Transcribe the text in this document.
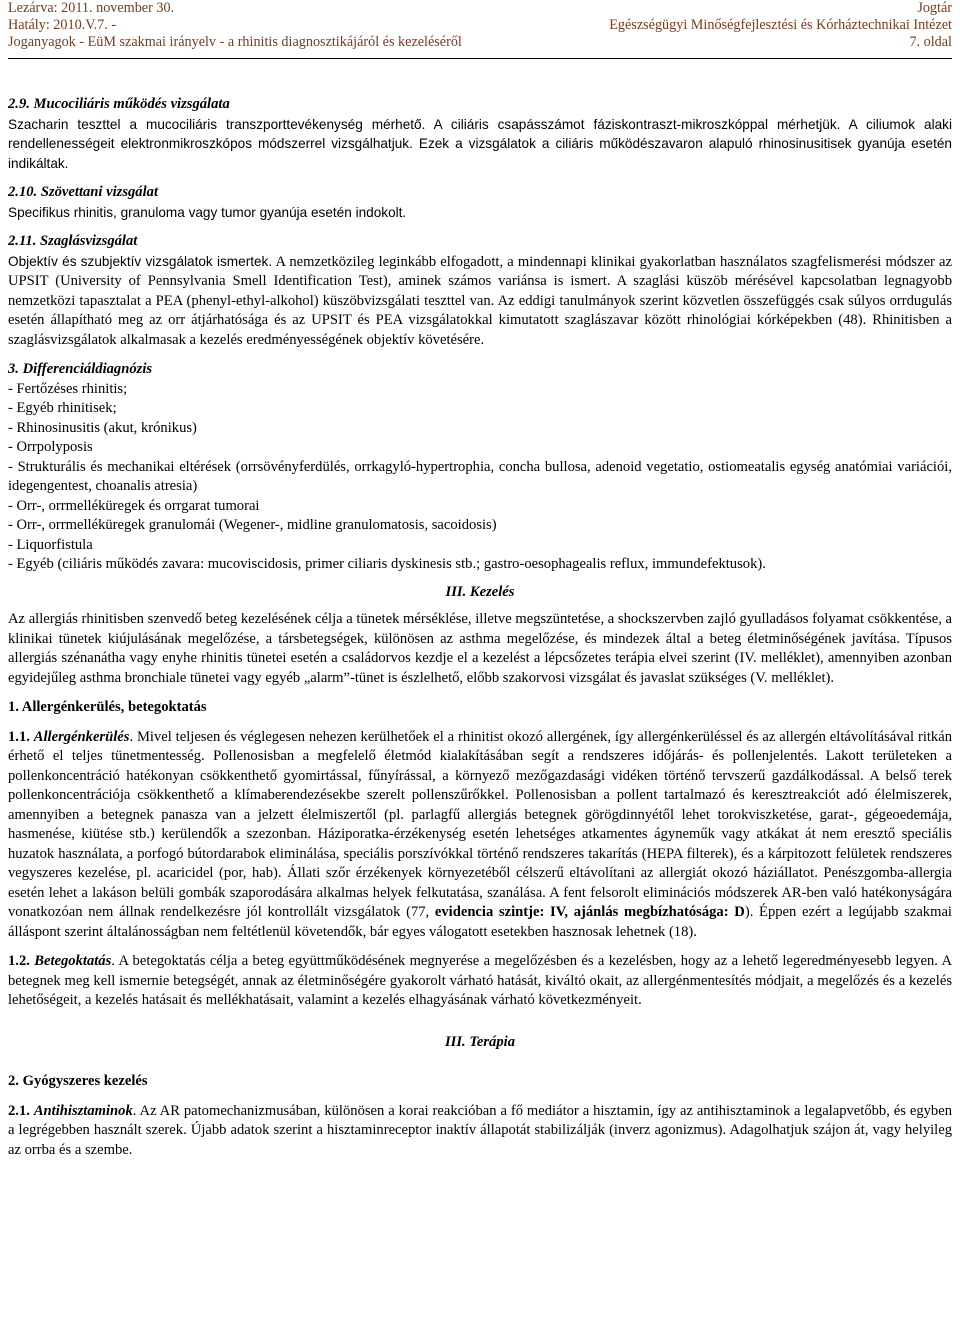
Lezárva: 2011. november 30.	Jogtár
Hatály: 2010.V.7. -	Egészségügyi Minőségfejlesztési és Kórháztechnikai Intézet
Joganyagok - EüM szakmai irányelv - a rhinitis diagnosztikájáról és kezeléséről	7. oldal
2.9. Mucociliáris működés vizsgálata

Szacharin teszttel a mucociliáris transzporttevékenység mérhető. A ciliáris csapásszámot fáziskontraszt-mikroszkóppal mérhetjük. A ciliumok alaki rendellenességeit elektronmikroszkópos módszerrel vizsgálhatjuk. Ezek a vizsgálatok a ciliáris működészavaron alapuló rhinosinusitisek gyanúja esetén indikáltak.

2.10. Szövettani vizsgálat

Specifikus rhinitis, granuloma vagy tumor gyanúja esetén indokolt.

2.11. Szaglásvizsgálat

Objektív és szubjektív vizsgálatok ismertek. A nemzetközileg leginkább elfogadott, a mindennapi klinikai gyakorlatban használatos szagfelismerési módszer az UPSIT (University of Pennsylvania Smell Identification Test), aminek számos variánsa is ismert. A szaglási küszöb mérésével kapcsolatban legnagyobb nemzetközi tapasztalat a PEA (phenyl-ethyl-alkohol) küszöbvizsgálati teszttel van. Az eddigi tanulmányok szerint közvetlen összefüggés csak súlyos orrdugulás esetén állapítható meg az orr átjárhatósága és az UPSIT és PEA vizsgálatokkal kimutatott szaglászavar között rhinológiai kórképekben (48). Rhinitisben a szaglásvizsgálatok alkalmasak a kezelés eredményességének objektív követésére.

3. Differenciáldiagnózis
- Fertőzéses rhinitis;
- Egyéb rhinitisek;
- Rhinosinusitis (akut, krónikus)
- Orrpolyposis
- Strukturális és mechanikai eltérések (orrsövényferdülés, orrkagyló-hypertrophia, concha bullosa, adenoid vegetatio, ostiomeatalis egység anatómiai variációi, idegengentest, choanalis atresia)
- Orr-, orrmelléküregek és orrgarat tumorai
- Orr-, orrmelléküregek granulomái (Wegener-, midline granulomatosis, sacoidosis)
- Liquorfistula
- Egyéb (ciliáris működés zavara: mucoviscidosis, primer ciliaris dyskinesis stb.; gastro-oesophagealis reflux, immundefektusok).
III. Kezelés

Az allergiás rhinitisben szenvedő beteg kezelésének célja a tünetek mérséklése, illetve megszüntetése, a shockszervben zajló gyulladásos folyamat csökkentése, a klinikai tünetek kiújulásának megelőzése, a társbetegségek, különösen az asthma megelőzése, és mindezek által a beteg életminőségének javítása. Típusos allergiás szénanátha vagy enyhe rhinitis tünetei esetén a családorvos kezdje el a kezelést a lépcsőzetes terápia elvei szerint (IV. melléklet), amennyiben azonban egyidejűleg asthma bronchiale tünetei vagy egyéb „alarm”-tünet is észlelhető, előbb szakorvosi vizsgálat és javaslat szükséges (V. melléklet).

1. Allergénkerülés, betegoktatás

1.1. Allergénkerülés. Mivel teljesen és véglegesen nehezen kerülhetőek el a rhinitist okozó allergének, így allergénkerüléssel és az allergén eltávolításával ritkán érhető el teljes tünetmentesség. Pollenosisban a megfelelő életmód kialakításában segít a rendszeres időjárás- és pollenjelentés. Lakott területeken a pollenkoncentráció hatékonyan csökkenthető gyomirtással, fűnyírással, a környező mezőgazdasági vidéken történő tervszerű gazdálkodással. A belső terek pollenkoncentrációja csökkenthető a klímaberendezésekbe szerelt pollenszűrőkkel. Pollenosisban a pollent tartalmazó és keresztreakciót adó élelmiszerek, amennyiben a betegnek panasza van a jelzett élelmiszertől (pl. parlagfű allergiás betegnek görögdinnyétől lehet torokviszketése, garat-, gégeoedemája, hasmenése, kiütése stb.) kerülendők a szezonban. Háziporatka-érzékenység esetén lehetséges atkamentes ágyneműk vagy atkákat át nem eresztő speciális huzatok használata, a porfogó bútordarabok eliminálása, speciális porszívókkal történő rendszeres takarítás (HEPA filterek), és a kárpitozott felületek rendszeres vegyszeres kezelése, pl. acaricidel (por, hab). Állati szőr érzékenyek környezetéből célszerű eltávolítani az allergiát okozó háziállatot. Penészgomba-allergia esetén lehet a lakáson belüli gombák szaporodására alkalmas helyek felkutatása, szanálása. A fent felsorolt eliminációs módszerek AR-ben való hatékonyságára vonatkozóan nem állnak rendelkezésre jól kontrollált vizsgálatok (77, evidencia szintje: IV, ajánlás megbízhatósága: D). Éppen ezért a legújabb szakmai álláspont szerint általánosságban nem feltétlenül követendők, bár egyes válogatott esetekben hasznosak lehetnek (18).

1.2. Betegoktatás. A betegoktatás célja a beteg együttműködésének megnyerése a megelőzésben és a kezelésben, hogy az a lehető legeredményesebb legyen. A betegnek meg kell ismernie betegségét, annak az életminőségére gyakorolt várható hatását, kiváltó okait, az allergénmentesítés módjait, a megelőzés és a kezelés lehetőségeit, a kezelés hatásait és mellékhatásait, valamint a kezelés elhagyásának várható következményeit.

III. Terápia
2. Gyógyszeres kezelés

2.1. Antihisztaminok. Az AR patomechanizmusában, különösen a korai reakcióban a fő mediátor a hisztamin, így az antihisztaminok a legalapvetőbb, és egyben a legrégebben használt szerek. Újabb adatok szerint a hisztaminreceptor inaktív állapotát stabilizálják (inverz agonizmus). Adagolhatjuk szájon át, vagy helyileg az orrba és a szembe.
